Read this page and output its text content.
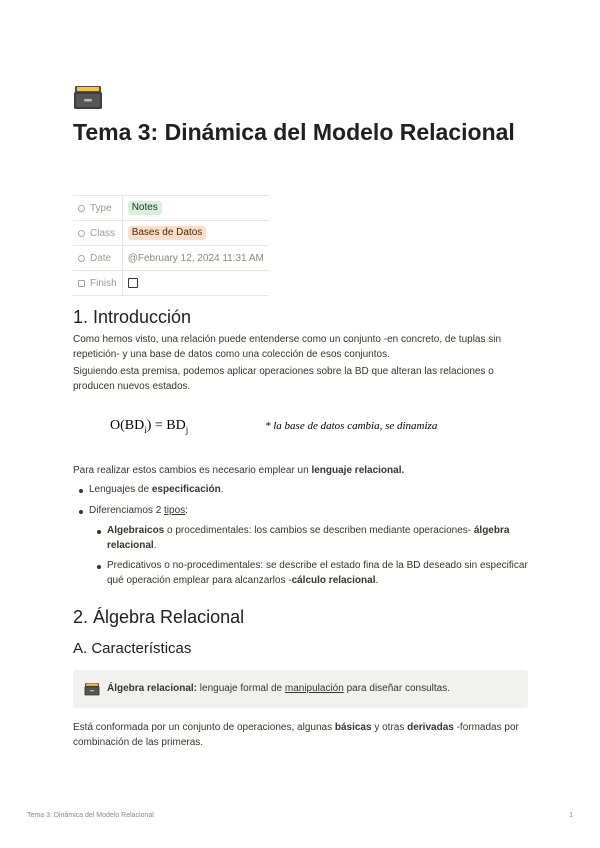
Tema 3: Dinámica del Modelo Relacional
Type	Notes
Class	Bases de Datos
Date	@February 12, 2024 11:31 AM
Finish	
1. Introducción
Como hemos visto, una relación puede entenderse como un conjunto -en concreto, de tuplas sin repetición- y una base de datos como una colección de esos conjuntos.
Siguiendo esta premisa, podemos aplicar operaciones sobre la BD que alteran las relaciones o producen nuevos estados.
$O(BD_i) = BD_j$	* la base de datos cambia, se dinamiza
Para realizar estos cambios es necesario emplear un lenguaje relacional.
Lenguajes de especificación.
Diferenciamos 2 tipos:
Algebraicos o procedimentales: los cambios se describen mediante operaciones- álgebra relacional.
Predicativos o no-procedimentales: se describe el estado fina de la BD deseado sin especificar qué operación emplear para alcanzarlos -cálculo relacional.
2. Álgebra Relacional
A. Características
Álgebra relacional: lenguaje formal de manipulación para diseñar consultas.
Está conformada por un conjunto de operaciones, algunas básicas y otras derivadas -formadas por combinación de las primeras.
Tema 3: Dinámica del Modelo Relacional	1
